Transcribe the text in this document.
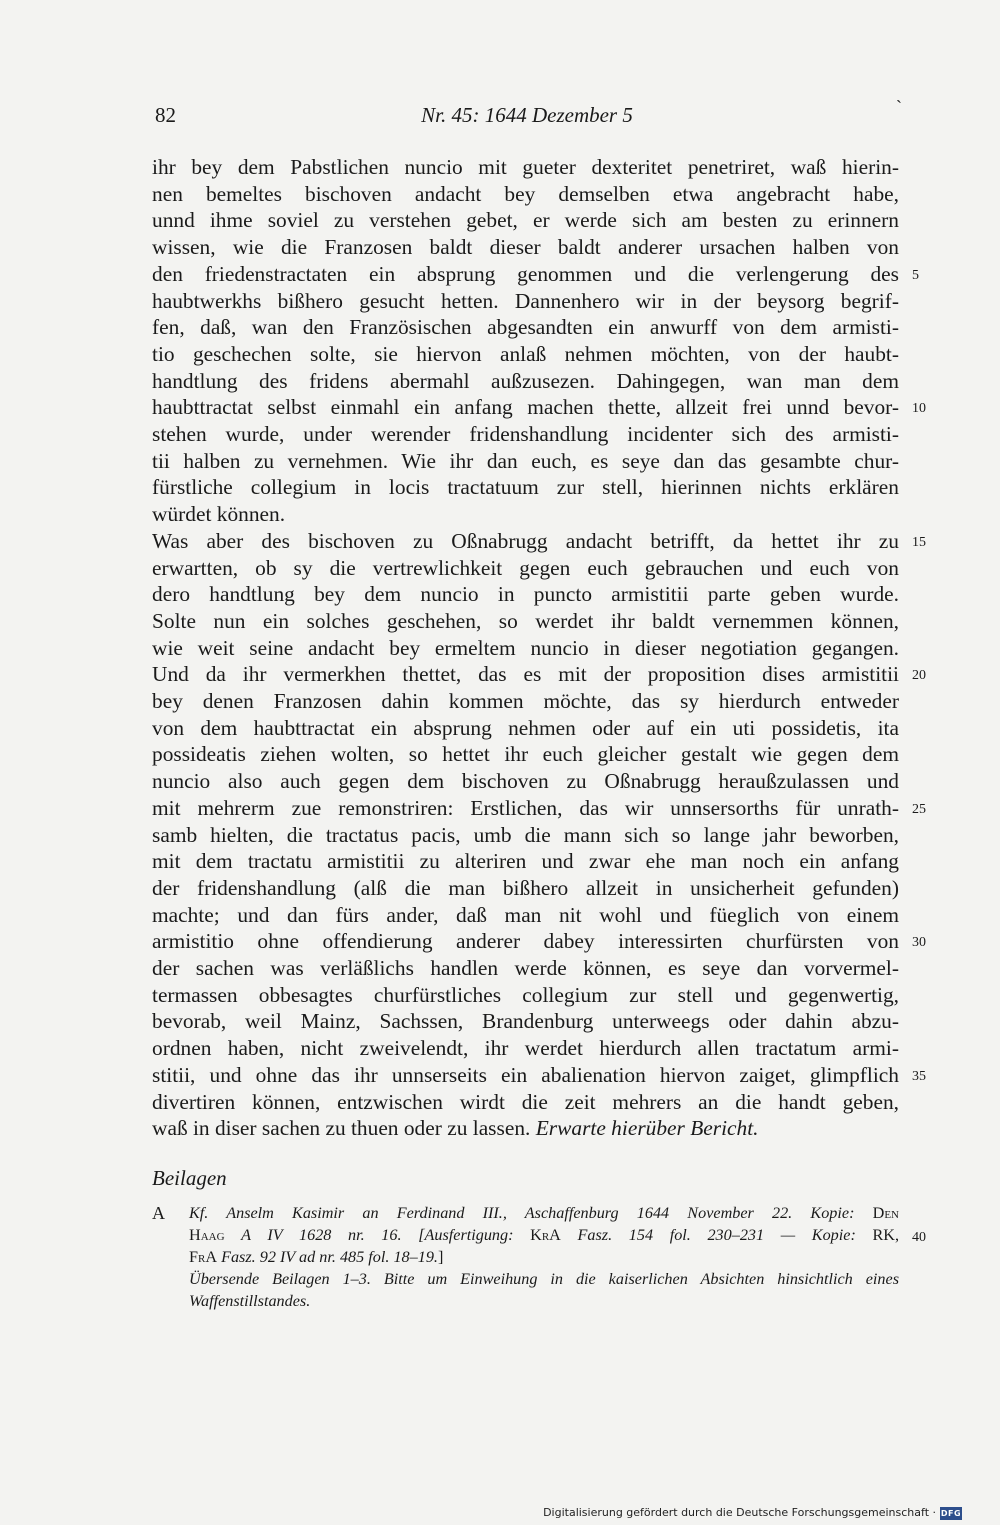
82	Nr. 45: 1644 Dezember 5	ˋ
ihr bey dem Pabstlichen nuncio mit gueter dexteritet penetriret, waß hierin-
nen bemeltes bischoven andacht bey demselben etwa angebracht habe,
unnd ihme soviel zu verstehen gebet, er werde sich am besten zu erinnern
wissen, wie die Franzosen baldt dieser baldt anderer ursachen halben von
den friedenstractaten ein absprung genommen und die verlengerung des
haubtwerkhs bißhero gesucht hetten. Dannenhero wir in der beysorg begrif-
fen, daß, wan den Französischen abgesandten ein anwurff von dem armisti-
tio geschechen solte, sie hiervon anlaß nehmen möchten, von der haubt-
handtlung des fridens abermahl außzusezen. Dahingegen, wan man dem
haubttractat selbst einmahl ein anfang machen thette, allzeit frei unnd bevor-
stehen wurde, under werender fridenshandlung incidenter sich des armisti-
tii halben zu vernehmen. Wie ihr dan euch, es seye dan das gesambte chur-
fürstliche collegium in locis tractatuum zur stell, hierinnen nichts erklären
würdet können.
Was aber des bischoven zu Oßnabrugg andacht betrifft, da hettet ihr zu
erwartten, ob sy die vertrewlichkeit gegen euch gebrauchen und euch von
dero handtlung bey dem nuncio in puncto armistitii parte geben wurde.
Solte nun ein solches geschehen, so werdet ihr baldt vernemmen können,
wie weit seine andacht bey ermeltem nuncio in dieser negotiation gegangen.
Und da ihr vermerkhen thettet, das es mit der proposition dises armistitii
bey denen Franzosen dahin kommen möchte, das sy hierdurch entweder
von dem haubttractat ein absprung nehmen oder auf ein uti possidetis, ita
possideatis ziehen wolten, so hettet ihr euch gleicher gestalt wie gegen dem
nuncio also auch gegen dem bischoven zu Oßnabrugg heraußzulassen und
mit mehrerm zue remonstriren: Erstlichen, das wir unnsersorths für unrath-
samb hielten, die tractatus pacis, umb die mann sich so lange jahr beworben,
mit dem tractatu armistitii zu alteriren und zwar ehe man noch ein anfang
der fridenshandlung (alß die man bißhero allzeit in unsicherheit gefunden)
machte; und dan fürs ander, daß man nit wohl und füeglich von einem
armistitio ohne offendierung anderer dabey interessirten churfürsten von
der sachen was verläßlichs handlen werde können, es seye dan vorvermel-
termassen obbesagtes churfürstliches collegium zur stell und gegenwertig,
bevorab, weil Mainz, Sachssen, Brandenburg unterweegs oder dahin abzu-
ordnen haben, nicht zweivelendt, ihr werdet hierdurch allen tractatum armi-
stitii, und ohne das ihr unnserseits ein abalienation hiervon zaiget, glimpflich
divertiren können, entzwischen wirdt die zeit mehrers an die handt geben,
waß in diser sachen zu thuen oder zu lassen. Erwarte hierüber Bericht.
5
10
15
20
25
30
35
Beilagen
A Kf. Anselm Kasimir an Ferdinand III., Aschaffenburg 1644 November 22. Kopie: Den
Haag A IV 1628 nr. 16. [Ausfertigung: KrA Fasz. 154 fol. 230–231 — Kopie: RK,
FrA Fasz. 92 IV ad nr. 485 fol. 18–19.]
Übersende Beilagen 1–3. Bitte um Einweihung in die kaiserlichen Absichten hinsichtlich eines
Waffenstillstandes.
40
Digitalisierung gefördert durch die Deutsche Forschungsgemeinschaft · DFG
